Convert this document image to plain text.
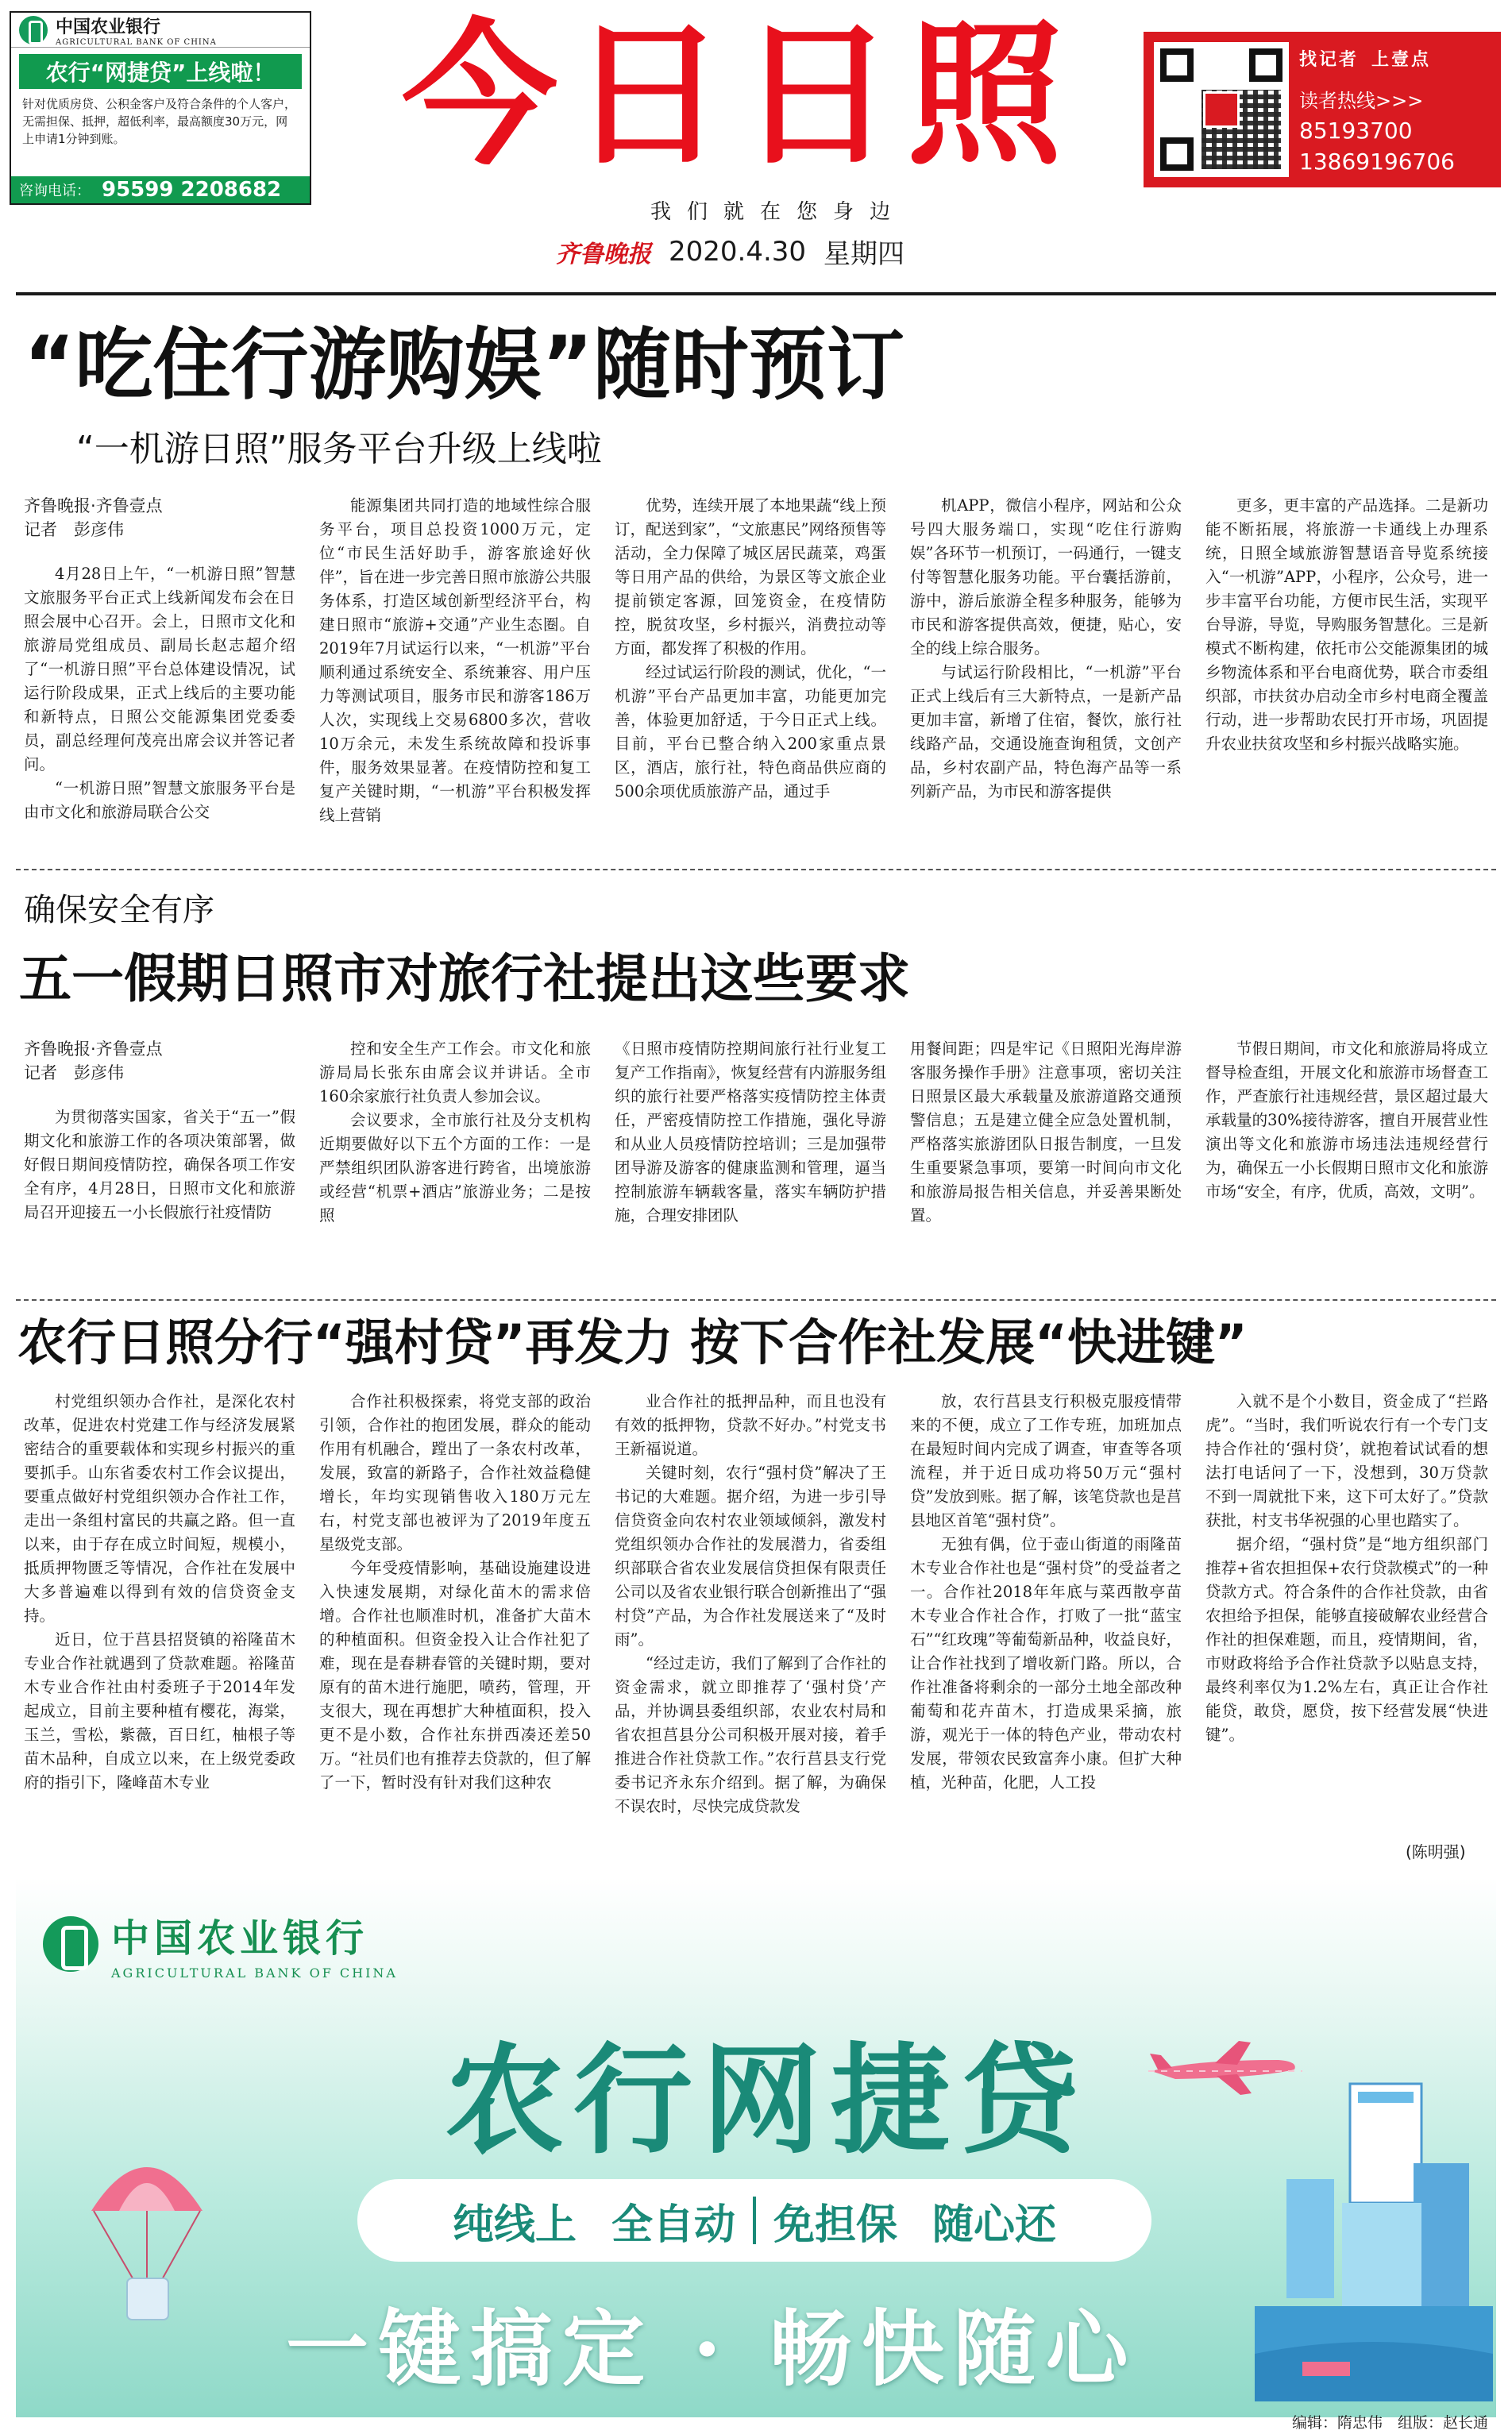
中国农业银行
AGRICULTURAL BANK OF CHINA
农行“网捷贷”上线啦！
针对优质房贷、公积金客户及符合条件的个人客户，无需担保、抵押，超低利率，最高额度30万元，网上申请1分钟到账。
咨询电话： 95599 2208682
今日日照
我们就在您身边
齐鲁晚报 2020.4.30 星期四
找记者 上壹点
读者热线>>>
85193700
13869196706
“吃住行游购娱”随时预订
“一机游日照”服务平台升级上线啦
齐鲁晚报·齐鲁壹点
记者　彭彦伟

4月28日上午，“一机游日照”智慧文旅服务平台正式上线新闻发布会在日照会展中心召开。会上，日照市文化和旅游局党组成员、副局长赵志超介绍了“一机游日照”平台总体建设情况，试运行阶段成果，正式上线后的主要功能和新特点，日照公交能源集团党委委员，副总经理何茂亮出席会议并答记者问。

“一机游日照”智慧文旅服务平台是由市文化和旅游局联合公交

能源集团共同打造的地域性综合服务平台，项目总投资1000万元，定位“市民生活好助手，游客旅途好伙伴”，旨在进一步完善日照市旅游公共服务体系，打造区域创新型经济平台，构建日照市“旅游+交通”产业生态圈。自2019年7月试运行以来，“一机游”平台顺利通过系统安全、系统兼容、用户压力等测试项目，服务市民和游客186万人次，实现线上交易6800多次，营收10万余元，未发生系统故障和投诉事件，服务效果显著。在疫情防控和复工复产关键时期，“一机游”平台积极发挥线上营销

优势，连续开展了本地果蔬“线上预订，配送到家”，“文旅惠民”网络预售等活动，全力保障了城区居民蔬菜，鸡蛋等日用产品的供给，为景区等文旅企业提前锁定客源，回笼资金，在疫情防控，脱贫攻坚，乡村振兴，消费拉动等方面，都发挥了积极的作用。

经过试运行阶段的测试，优化，“一机游”平台产品更加丰富，功能更加完善，体验更加舒适，于今日正式上线。目前，平台已整合纳入200家重点景区，酒店，旅行社，特色商品供应商的500余项优质旅游产品，通过手

机APP，微信小程序，网站和公众号四大服务端口，实现“吃住行游购娱”各环节一机预订，一码通行，一键支付等智慧化服务功能。平台囊括游前，游中，游后旅游全程多种服务，能够为市民和游客提供高效，便捷，贴心，安全的线上综合服务。

与试运行阶段相比，“一机游”平台正式上线后有三大新特点，一是新产品更加丰富，新增了住宿，餐饮，旅行社线路产品，交通设施查询租赁，文创产品，乡村农副产品，特色海产品等一系列新产品，为市民和游客提供

更多，更丰富的产品选择。二是新功能不断拓展，将旅游一卡通线上办理系统，日照全域旅游智慧语音导览系统接入“一机游”APP，小程序，公众号，进一步丰富平台功能，方便市民生活，实现平台导游，导览，导购服务智慧化。三是新模式不断构建，依托市公交能源集团的城乡物流体系和平台电商优势，联合市委组织部，市扶贫办启动全市乡村电商全覆盖行动，进一步帮助农民打开市场，巩固提升农业扶贫攻坚和乡村振兴战略实施。

确保安全有序
五一假期日照市对旅行社提出这些要求
齐鲁晚报·齐鲁壹点
记者　彭彦伟

为贯彻落实国家，省关于“五一”假期文化和旅游工作的各项决策部署，做好假日期间疫情防控，确保各项工作安全有序，4月28日，日照市文化和旅游局召开迎接五一小长假旅行社疫情防

控和安全生产工作会。市文化和旅游局局长张东由席会议并讲话。全市160余家旅行社负责人参加会议。

会议要求，全市旅行社及分支机构近期要做好以下五个方面的工作：一是严禁组织团队游客进行跨省，出境旅游或经营“机票+酒店”旅游业务；二是按照

《日照市疫情防控期间旅行社行业复工复产工作指南》，恢复经营有内游服务组织的旅行社要严格落实疫情防控主体责任，严密疫情防控工作措施，强化导游和从业人员疫情防控培训；三是加强带团导游及游客的健康监测和管理，逼当控制旅游车辆载客量，落实车辆防护措施，合理安排团队

用餐间距；四是牢记《日照阳光海岸游客服务操作手册》注意事项，密切关注日照景区最大承载量及旅游道路交通预警信息；五是建立健全应急处置机制，严格落实旅游团队日报告制度，一旦发生重要紧急事项，要第一时间向市文化和旅游局报告相关信息，并妥善果断处置。

节假日期间，市文化和旅游局将成立督导检查组，开展文化和旅游市场督查工作，严查旅行社违规经营，景区超过最大承载量的30%接待游客，擅自开展营业性演出等文化和旅游市场违法违规经营行为，确保五一小长假期日照市文化和旅游市场“安全，有序，优质，高效，文明”。

农行日照分行“强村贷”再发力 按下合作社发展“快进键”

村党组织领办合作社，是深化农村改革，促进农村党建工作与经济发展紧密结合的重要载体和实现乡村振兴的重要抓手。山东省委农村工作会议提出，要重点做好村党组织领办合作社工作，走出一条组村富民的共赢之路。但一直以来，由于存在成立时间短，规模小，抵质押物匮乏等情况，合作社在发展中大多普遍难以得到有效的信贷资金支持。

近日，位于莒县招贤镇的裕隆苗木专业合作社就遇到了贷款难题。裕隆苗木专业合作社由村委班子于2014年发起成立，目前主要种植有樱花，海棠，玉兰，雪松，紫薇，百日红，柚根子等苗木品种，自成立以来，在上级党委政府的指引下，隆峰苗木专业

合作社积极探索，将党支部的政治引领，合作社的抱团发展，群众的能动作用有机融合，蹚出了一条农村改革，发展，致富的新路子，合作社效益稳健增长，年均实现销售收入180万元左右，村党支部也被评为了2019年度五星级党支部。

今年受疫情影响，基础设施建设进入快速发展期，对绿化苗木的需求倍增。合作社也顺准时机，准备扩大苗木的种植面积。但资金投入让合作社犯了难，现在是春耕春管的关键时期，要对原有的苗木进行施肥，喷药，管理，开支很大，现在再想扩大种植面积，投入更不是小数，合作社东拼西凑还差50万。“社员们也有推荐去贷款的，但了解了一下，暂时没有针对我们这种农

业合作社的抵押品种，而且也没有有效的抵押物，贷款不好办。”村党支书王新福说道。

关键时刻，农行“强村贷”解决了王书记的大难题。据介绍，为进一步引导信贷资金向农村农业领域倾斜，激发村党组织领办合作社的发展潜力，省委组织部联合省农业发展信贷担保有限责任公司以及省农业银行联合创新推出了“强村贷”产品，为合作社发展送来了“及时雨”。

“经过走访，我们了解到了合作社的资金需求，就立即推荐了‘强村贷’产品，并协调县委组织部，农业农村局和省农担莒县分公司积极开展对接，着手推进合作社贷款工作。”农行莒县支行党委书记齐永东介绍到。据了解，为确保不误农时，尽快完成贷款发

放，农行莒县支行积极克服疫情带来的不便，成立了工作专班，加班加点在最短时间内完成了调查，审查等各项流程，并于近日成功将50万元“强村贷”发放到账。据了解，该笔贷款也是莒县地区首笔“强村贷”。

无独有偶，位于壶山街道的雨隆苗木专业合作社也是“强村贷”的受益者之一。合作社2018年年底与菜西散亭苗木专业合作社合作，打败了一批“蓝宝石”“红玫瑰”等葡萄新品种，收益良好，让合作社找到了增收新门路。所以，合作社准备将剩余的一部分土地全部改种葡萄和花卉苗木，打造成果采摘，旅游，观光于一体的特色产业，带动农村发展，带领农民致富奔小康。但扩大种植，光种苗，化肥，人工投

入就不是个小数目，资金成了“拦路虎”。“当时，我们听说农行有一个专门支持合作社的‘强村贷’，就抱着试试看的想法打电话问了一下，没想到，30万贷款不到一周就批下来，这下可太好了。”贷款获批，村支书华祝强的心里也踏实了。

据介绍，“强村贷”是“地方组织部门推荐+省农担担保+农行贷款模式”的一种贷款方式。符合条件的合作社贷款，由省农担给予担保，能够直接破解农业经营合作社的担保难题，而且，疫情期间，省，市财政将给予合作社贷款予以贴息支持，最终利率仅为1.2%左右，真正让合作社能贷，敢贷，愿贷，按下经营发展“快进键”。

(陈明强)
中国农业银行
AGRICULTURAL BANK OF CHINA
农行网捷贷
纯线上 全自动 免担保 随心还
一键搞定 · 畅快随心
编辑：隋忠伟　组版：赵长通
